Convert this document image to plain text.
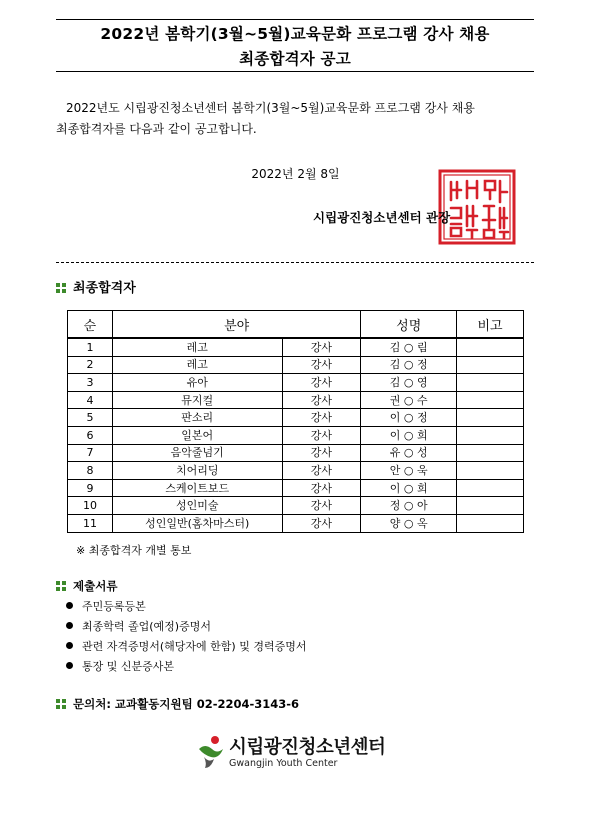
2022년 봄학기(3월~5월)교육문화 프로그램 강사 채용
최종합격자 공고
2022년도 시립광진청소년센터 봄학기(3월~5월)교육문화 프로그램 강사 채용
최종합격자를 다음과 같이 공고합니다.
2022년 2월 8일
시립광진청소년센터 관장
최종합격자
순	분야		성명	비고
1	레고	강사	김 ○ 림	
2	레고	강사	김 ○ 정	
3	유아	강사	김 ○ 영	
4	뮤지컬	강사	권 ○ 수	
5	판소리	강사	이 ○ 정	
6	일본어	강사	이 ○ 희	
7	음악줄넘기	강사	유 ○ 성	
8	치어리딩	강사	안 ○ 욱	
9	스케이트보드	강사	이 ○ 희	
10	성인미술	강사	정 ○ 아	
11	성인일반(홈차마스터)	강사	양 ○ 옥	
※ 최종합격자 개별 통보
제출서류
주민등록등본
최종학력 졸업(예정)증명서
관련 자격증명서(해당자에 한함) 및 경력증명서
통장 및 신분증사본
문의처: 교과활동지원팀 02-2204-3143-6
시립광진청소년센터
Gwangjin Youth Center
